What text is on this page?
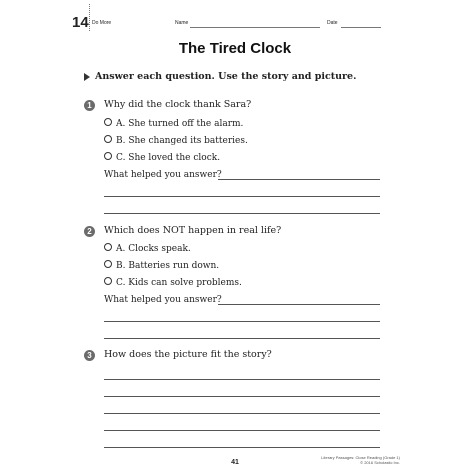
14 Do More	Name	Date
The Tired Clock
Answer each question. Use the story and picture.
1	Why did the clock thank Sara?
A. She turned off the alarm.
B. She changed its batteries.
C. She loved the clock.
What helped you answer?
2	Which does NOT happen in real life?
A. Clocks speak.
B. Batteries run down.
C. Kids can solve problems.
What helped you answer?
3	How does the picture fit the story?
41
Literary Passages: Close Reading (Grade 1)
© 2016 Scholastic Inc.
